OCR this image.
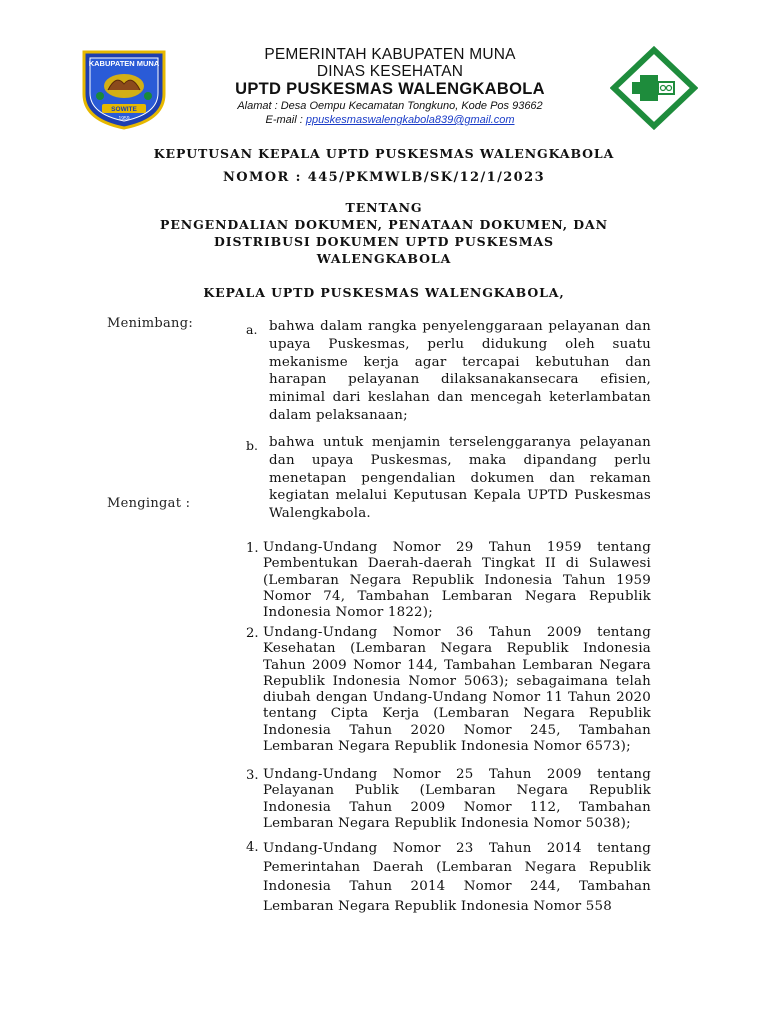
KABUPATEN MUNA
SOWITE
1959
PEMERINTAH KABUPATEN MUNA
DINAS KESEHATAN
UPTD PUSKESMAS WALENGKABOLA
Alamat : Desa Oempu Kecamatan Tongkuno, Kode Pos 93662
E-mail : ppuskesmaswalengkabola839@gmail.com
KEPUTUSAN KEPALA UPTD PUSKESMAS WALENGKABOLA
NOMOR : 445/PKMWLB/SK/12/1/2023
TENTANG
PENGENDALIAN DOKUMEN, PENATAAN DOKUMEN, DAN
DISTRIBUSI DOKUMEN UPTD PUSKESMAS
WALENGKABOLA
KEPALA UPTD PUSKESMAS WALENGKABOLA,
Menimbang:	a. bahwa dalam rangka penyelenggaraan pelayanan dan upaya Puskesmas, perlu didukung oleh suatu mekanisme kerja agar tercapai kebutuhan dan harapan pelayanan dilaksanakansecara efisien, minimal dari keslahan dan mencegah keterlambatan dalam pelaksanaan;
b. bahwa untuk menjamin terselenggaranya pelayanan dan upaya Puskesmas, maka dipandang perlu menetapan pengendalian dokumen dan rekaman kegiatan melalui Keputusan Kepala UPTD Puskesmas Walengkabola.
Mengingat :
1. Undang-Undang Nomor 29 Tahun 1959 tentang Pembentukan Daerah-daerah Tingkat II di Sulawesi (Lembaran Negara Republik Indonesia Tahun 1959 Nomor 74, Tambahan Lembaran Negara Republik Indonesia Nomor 1822);
2. Undang-Undang Nomor 36 Tahun 2009 tentang Kesehatan (Lembaran Negara Republik Indonesia Tahun 2009 Nomor 144, Tambahan Lembaran Negara Republik Indonesia Nomor 5063); sebagaimana telah diubah dengan Undang-Undang Nomor 11 Tahun 2020 tentang Cipta Kerja (Lembaran Negara Republik Indonesia Tahun 2020 Nomor 245, Tambahan Lembaran Negara Republik Indonesia Nomor 6573);
3. Undang-Undang Nomor 25 Tahun 2009 tentang Pelayanan Publik (Lembaran Negara Republik Indonesia Tahun 2009 Nomor 112, Tambahan Lembaran Negara Republik Indonesia Nomor 5038);
4. Undang-Undang Nomor 23 Tahun 2014 tentang Pemerintahan Daerah (Lembaran Negara Republik Indonesia Tahun 2014 Nomor 244, Tambahan Lembaran Negara Republik Indonesia Nomor 558
